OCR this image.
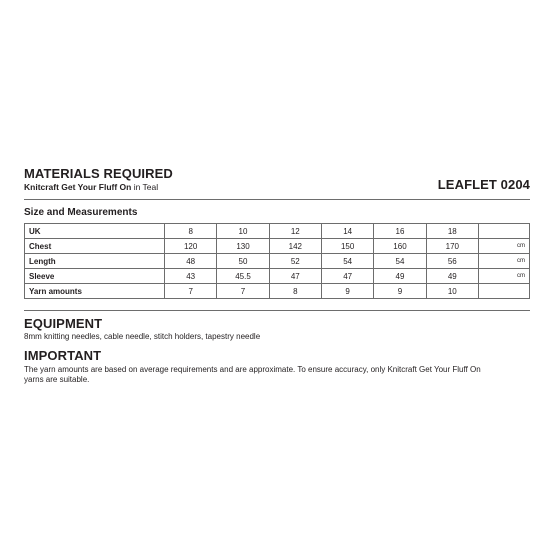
MATERIALS REQUIRED
Knitcraft Get Your Fluff On in Teal	LEAFLET 0204
Size and Measurements
UK	8	10	12	14	16	18	
Chest	120	130	142	150	160	170	cm
Length	48	50	52	54	54	56	cm
Sleeve	43	45.5	47	47	49	49	cm
Yarn amounts	7	7	8	9	9	10	
EQUIPMENT
8mm knitting needles, cable needle, stitch holders, tapestry needle
IMPORTANT
The yarn amounts are based on average requirements and are approximate. To ensure accuracy, only Knitcraft Get Your Fluff On
yarns are suitable.
